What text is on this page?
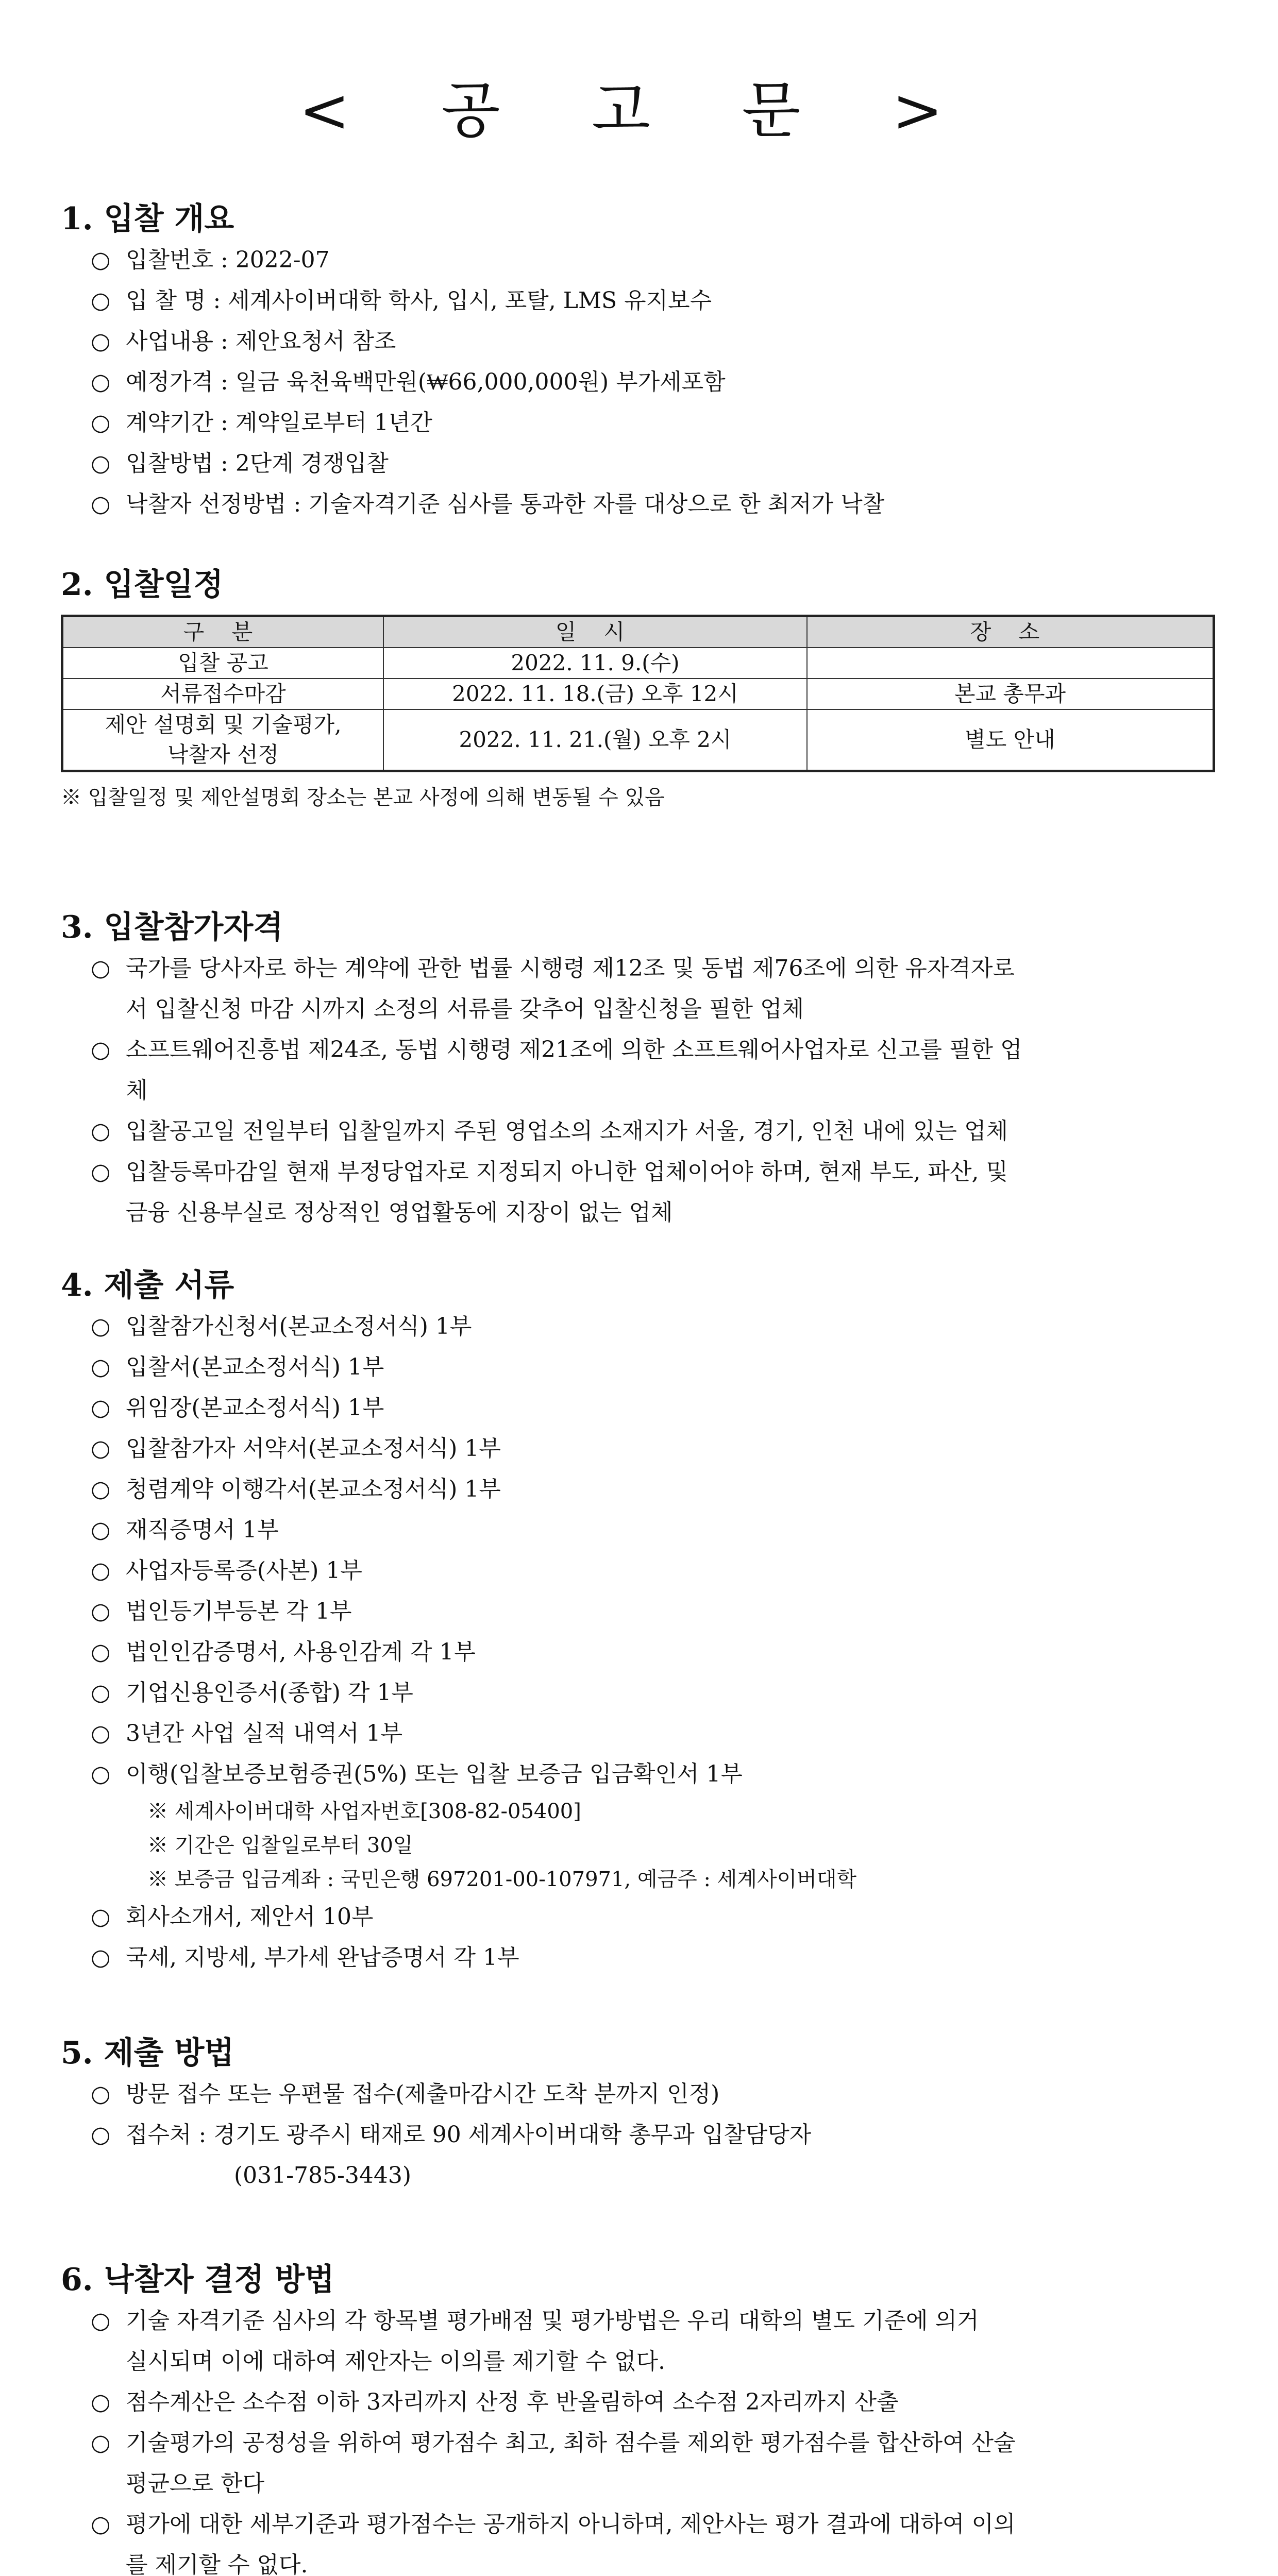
< 공 고 문 >
1. 입찰 개요
○ 입찰번호 : 2022-07
○ 입 찰 명 : 세계사이버대학 학사, 입시, 포탈, LMS 유지보수
○ 사업내용 : 제안요청서 참조
○ 예정가격 : 일금 육천육백만원(₩66,000,000원) 부가세포함
○ 계약기간 : 계약일로부터 1년간
○ 입찰방법 : 2단계 경쟁입찰
○ 낙찰자 선정방법 : 기술자격기준 심사를 통과한 자를 대상으로 한 최저가 낙찰
2. 입찰일정
구 분	일 시	장 소
입찰 공고	2022. 11. 9.(수)	
서류접수마감	2022. 11. 18.(금) 오후 12시	본교 총무과
제안 설명회 및 기술평가,
낙찰자 선정	2022. 11. 21.(월) 오후 2시	별도 안내
※ 입찰일정 및 제안설명회 장소는 본교 사정에 의해 변동될 수 있음
3. 입찰참가자격
○ 국가를 당사자로 하는 계약에 관한 법률 시행령 제12조 및 동법 제76조에 의한 유자격자로
서 입찰신청 마감 시까지 소정의 서류를 갖추어 입찰신청을 필한 업체
○ 소프트웨어진흥법 제24조, 동법 시행령 제21조에 의한 소프트웨어사업자로 신고를 필한 업
체
○ 입찰공고일 전일부터 입찰일까지 주된 영업소의 소재지가 서울, 경기, 인천 내에 있는 업체
○ 입찰등록마감일 현재 부정당업자로 지정되지 아니한 업체이어야 하며, 현재 부도, 파산, 및
금융 신용부실로 정상적인 영업활동에 지장이 없는 업체
4. 제출 서류
○ 입찰참가신청서(본교소정서식) 1부
○ 입찰서(본교소정서식) 1부
○ 위임장(본교소정서식) 1부
○ 입찰참가자 서약서(본교소정서식) 1부
○ 청렴계약 이행각서(본교소정서식) 1부
○ 재직증명서 1부
○ 사업자등록증(사본) 1부
○ 법인등기부등본 각 1부
○ 법인인감증명서, 사용인감계 각 1부
○ 기업신용인증서(종합) 각 1부
○ 3년간 사업 실적 내역서 1부
○ 이행(입찰보증보험증권(5%) 또는 입찰 보증금 입금확인서 1부
※ 세계사이버대학 사업자번호[308-82-05400]
※ 기간은 입찰일로부터 30일
※ 보증금 입금계좌 : 국민은행 697201-00-107971, 예금주 : 세계사이버대학
○ 회사소개서, 제안서 10부
○ 국세, 지방세, 부가세 완납증명서 각 1부
5. 제출 방법
○ 방문 접수 또는 우편물 접수(제출마감시간 도착 분까지 인정)
○ 접수처 : 경기도 광주시 태재로 90 세계사이버대학 총무과 입찰담당자
(031-785-3443)
6. 낙찰자 결정 방법
○ 기술 자격기준 심사의 각 항목별 평가배점 및 평가방법은 우리 대학의 별도 기준에 의거
실시되며 이에 대하여 제안자는 이의를 제기할 수 없다.
○ 점수계산은 소수점 이하 3자리까지 산정 후 반올림하여 소수점 2자리까지 산출
○ 기술평가의 공정성을 위하여 평가점수 최고, 최하 점수를 제외한 평가점수를 합산하여 산술
평균으로 한다
○ 평가에 대한 세부기준과 평가점수는 공개하지 아니하며, 제안사는 평가 결과에 대하여 이의
를 제기할 수 없다.
